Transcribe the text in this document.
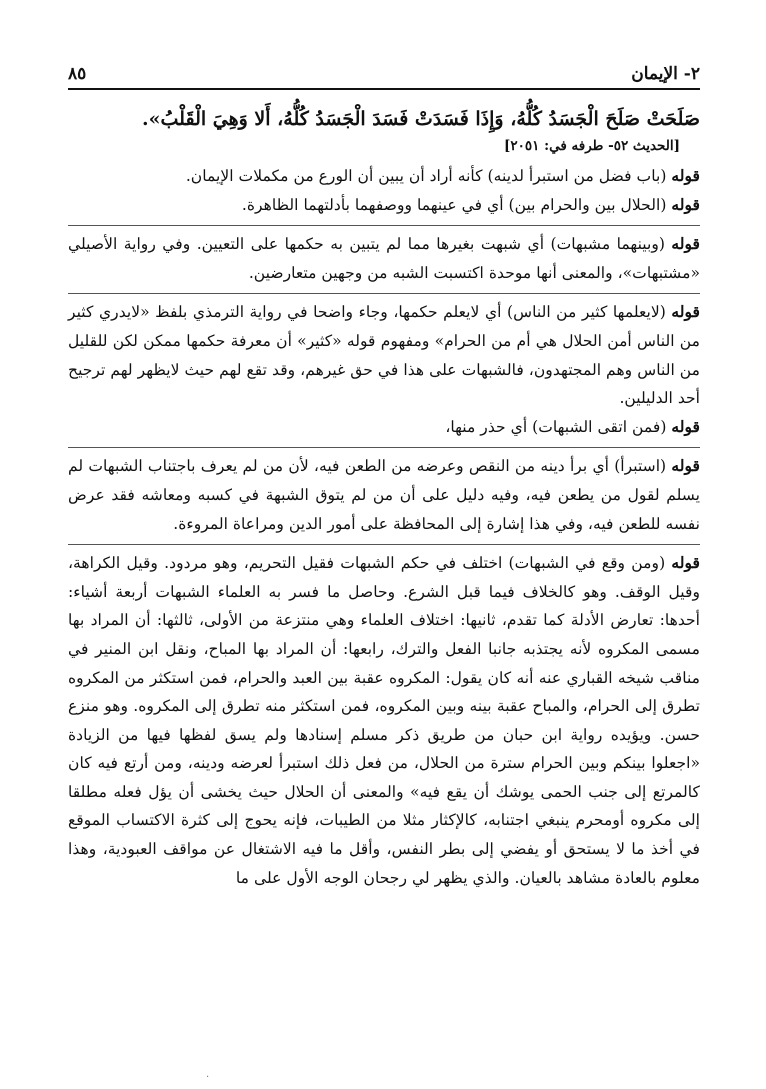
٢- الإيمان
٨٥
صَلَحَتْ صَلَحَ الْجَسَدُ كُلُّهُ، وَإِذَا فَسَدَتْ فَسَدَ الْجَسَدُ كُلُّهُ، أَلا وَهِيَ الْقَلْبُ».
[الحديث ٥٢- طرفه في: ٢٠٥١]

قوله (باب فضل من استبرأ لدينه) كأنه أراد أن يبين أن الورع من مكملات الإيمان.

قوله (الحلال بين والحرام بين) أي في عينهما ووصفهما بأدلتهما الظاهرة.

قوله (وبينهما مشبهات) أي شبهت بغيرها مما لم يتبين به حكمها على التعيين. وفي رواية الأصيلي «مشتبهات»، والمعنى أنها موحدة اكتسبت الشبه من وجهين متعارضين.

قوله (لايعلمها كثير من الناس) أي لايعلم حكمها، وجاء واضحا في رواية الترمذي بلفظ «لايدري كثير من الناس أمن الحلال هي أم من الحرام» ومفهوم قوله «كثير» أن معرفة حكمها ممكن لكن للقليل من الناس وهم المجتهدون، فالشبهات على هذا في حق غيرهم، وقد تقع لهم حيث لايظهر لهم ترجيح أحد الدليلين.

قوله (فمن اتقى الشبهات) أي حذر منها،

قوله (استبرأ) أي برأ دينه من النقص وعرضه من الطعن فيه، لأن من لم يعرف باجتناب الشبهات لم يسلم لقول من يطعن فيه، وفيه دليل على أن من لم يتوق الشبهة في كسبه ومعاشه فقد عرض نفسه للطعن فيه، وفي هذا إشارة إلى المحافظة على أمور الدين ومراعاة المروءة.

قوله (ومن وقع في الشبهات) اختلف في حكم الشبهات فقيل التحريم، وهو مردود. وقيل الكراهة، وقيل الوقف. وهو كالخلاف فيما قبل الشرع. وحاصل ما فسر به العلماء الشبهات أربعة أشياء: أحدها: تعارض الأدلة كما تقدم، ثانيها: اختلاف العلماء وهي منتزعة من الأولى، ثالثها: أن المراد بها مسمى المكروه لأنه يجتذبه جانبا الفعل والترك، رابعها: أن المراد بها المباح، ونقل ابن المنير في مناقب شيخه القباري عنه أنه كان يقول: المكروه عقبة بين العبد والحرام، فمن استكثر من المكروه تطرق إلى الحرام، والمباح عقبة بينه وبين المكروه، فمن استكثر منه تطرق إلى المكروه. وهو منزع حسن. ويؤيده رواية ابن حبان من طريق ذكر مسلم إسنادها ولم يسق لفظها فيها من الزيادة «اجعلوا بينكم وبين الحرام سترة من الحلال، من فعل ذلك استبرأ لعرضه ودينه، ومن أرتع فيه كان كالمرتع إلى جنب الحمى يوشك أن يقع فيه» والمعنى أن الحلال حيث يخشى أن يؤل فعله مطلقا إلى مكروه أومحرم ينبغي اجتنابه، كالإكثار مثلا من الطيبات، فإنه يحوج إلى كثرة الاكتساب الموقع في أخذ ما لا يستحق أو يفضي إلى بطر النفس، وأقل ما فيه الاشتغال عن مواقف العبودية، وهذا معلوم بالعادة مشاهد بالعيان. والذي يظهر لي رجحان الوجه الأول على ما

·
